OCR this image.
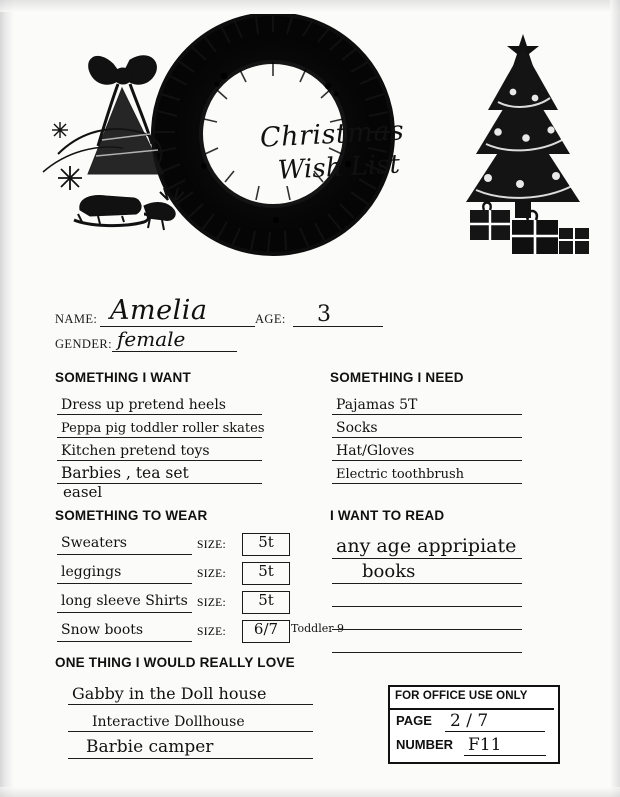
Christmas
Wish List
NAME: Amelia	AGE: 3
GENDER: female
SOMETHING I WANT
Dress up pretend heels
Peppa pig toddler roller skates
Kitchen pretend toys
Barbies , tea set
easel
SOMETHING I NEED
Pajamas 5T
Socks
Hat/Gloves
Electric toothbrush
SOMETHING TO WEAR
Sweaters	SIZE:	5t
leggings	SIZE:	5t
long sleeve Shirts SIZE:	5t
Snow boots	SIZE:	6/7	Toddler 9
I WANT TO READ
any age appripiate
books
ONE THING I WOULD REALLY LOVE
Gabby in the Doll house
Interactive Dollhouse
Barbie camper
FOR OFFICE USE ONLY
PAGE 2 / 7
NUMBER F11
